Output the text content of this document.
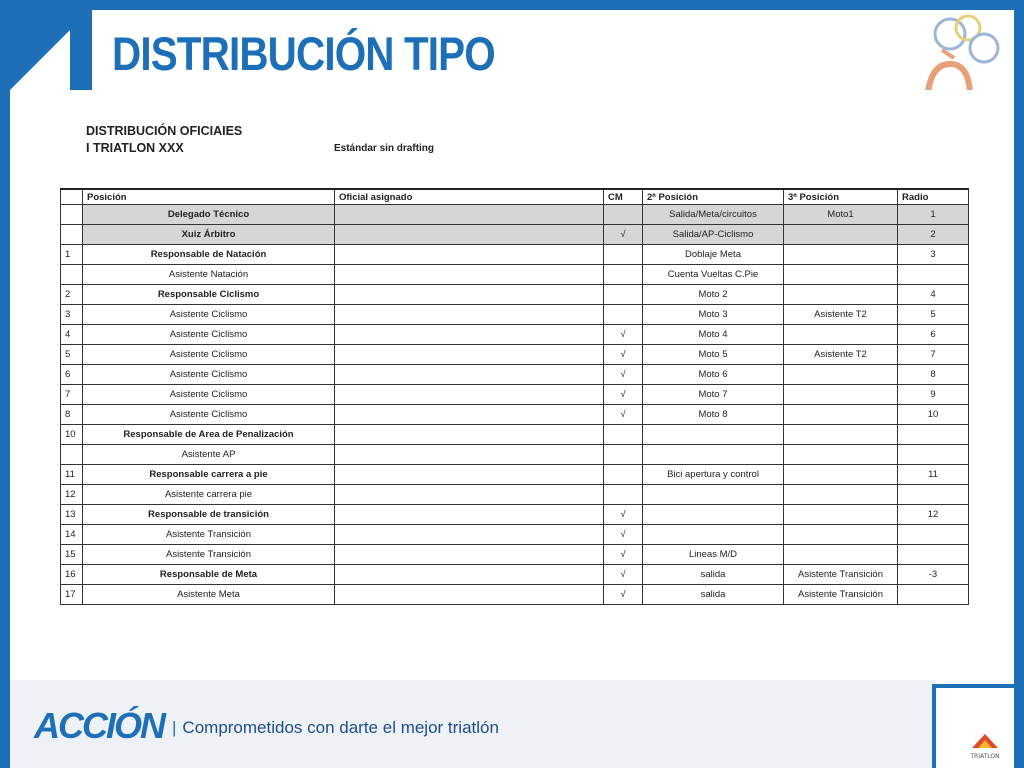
DISTRIBUCIÓN TIPO
DISTRIBUCIÓN OFICIAIES
I TRIATLON XXX	Estándar sin drafting
	Posición	Oficial asignado	CM	2ª Posición	3ª Posición	Radio
	Delegado Técnico			Salida/Meta/circuitos	Moto1	1
	Xuiz Árbitro		√	Salida/AP-Ciclismo		2
1	Responsable de Natación			Doblaje Meta		3
	Asistente Natación			Cuenta Vueltas C.Pie		
2	Responsable Ciclismo			Moto 2		4
3	Asistente Ciclismo			Moto 3	Asistente T2	5
4	Asistente Ciclismo		√	Moto 4		6
5	Asistente Ciclismo		√	Moto 5	Asistente T2	7
6	Asistente Ciclismo		√	Moto 6		8
7	Asistente Ciclismo		√	Moto 7		9
8	Asistente Ciclismo		√	Moto 8		10
10	Responsable de Area de Penalización					
	Asistente AP					
11	Responsable carrera a pie			Bici apertura y control		11
12	Asistente carrera pie					
13	Responsable de transición		√			12
14	Asistente Transición		√			
15	Asistente Transición		√	Lineas M/D		
16	Responsable de Meta		√	salida	Asistente Transición	-3
17	Asistente Meta		√	salida	Asistente Transición	
ACCIÓN | Comprometidos con darte el mejor triatlón
TRIATLON
